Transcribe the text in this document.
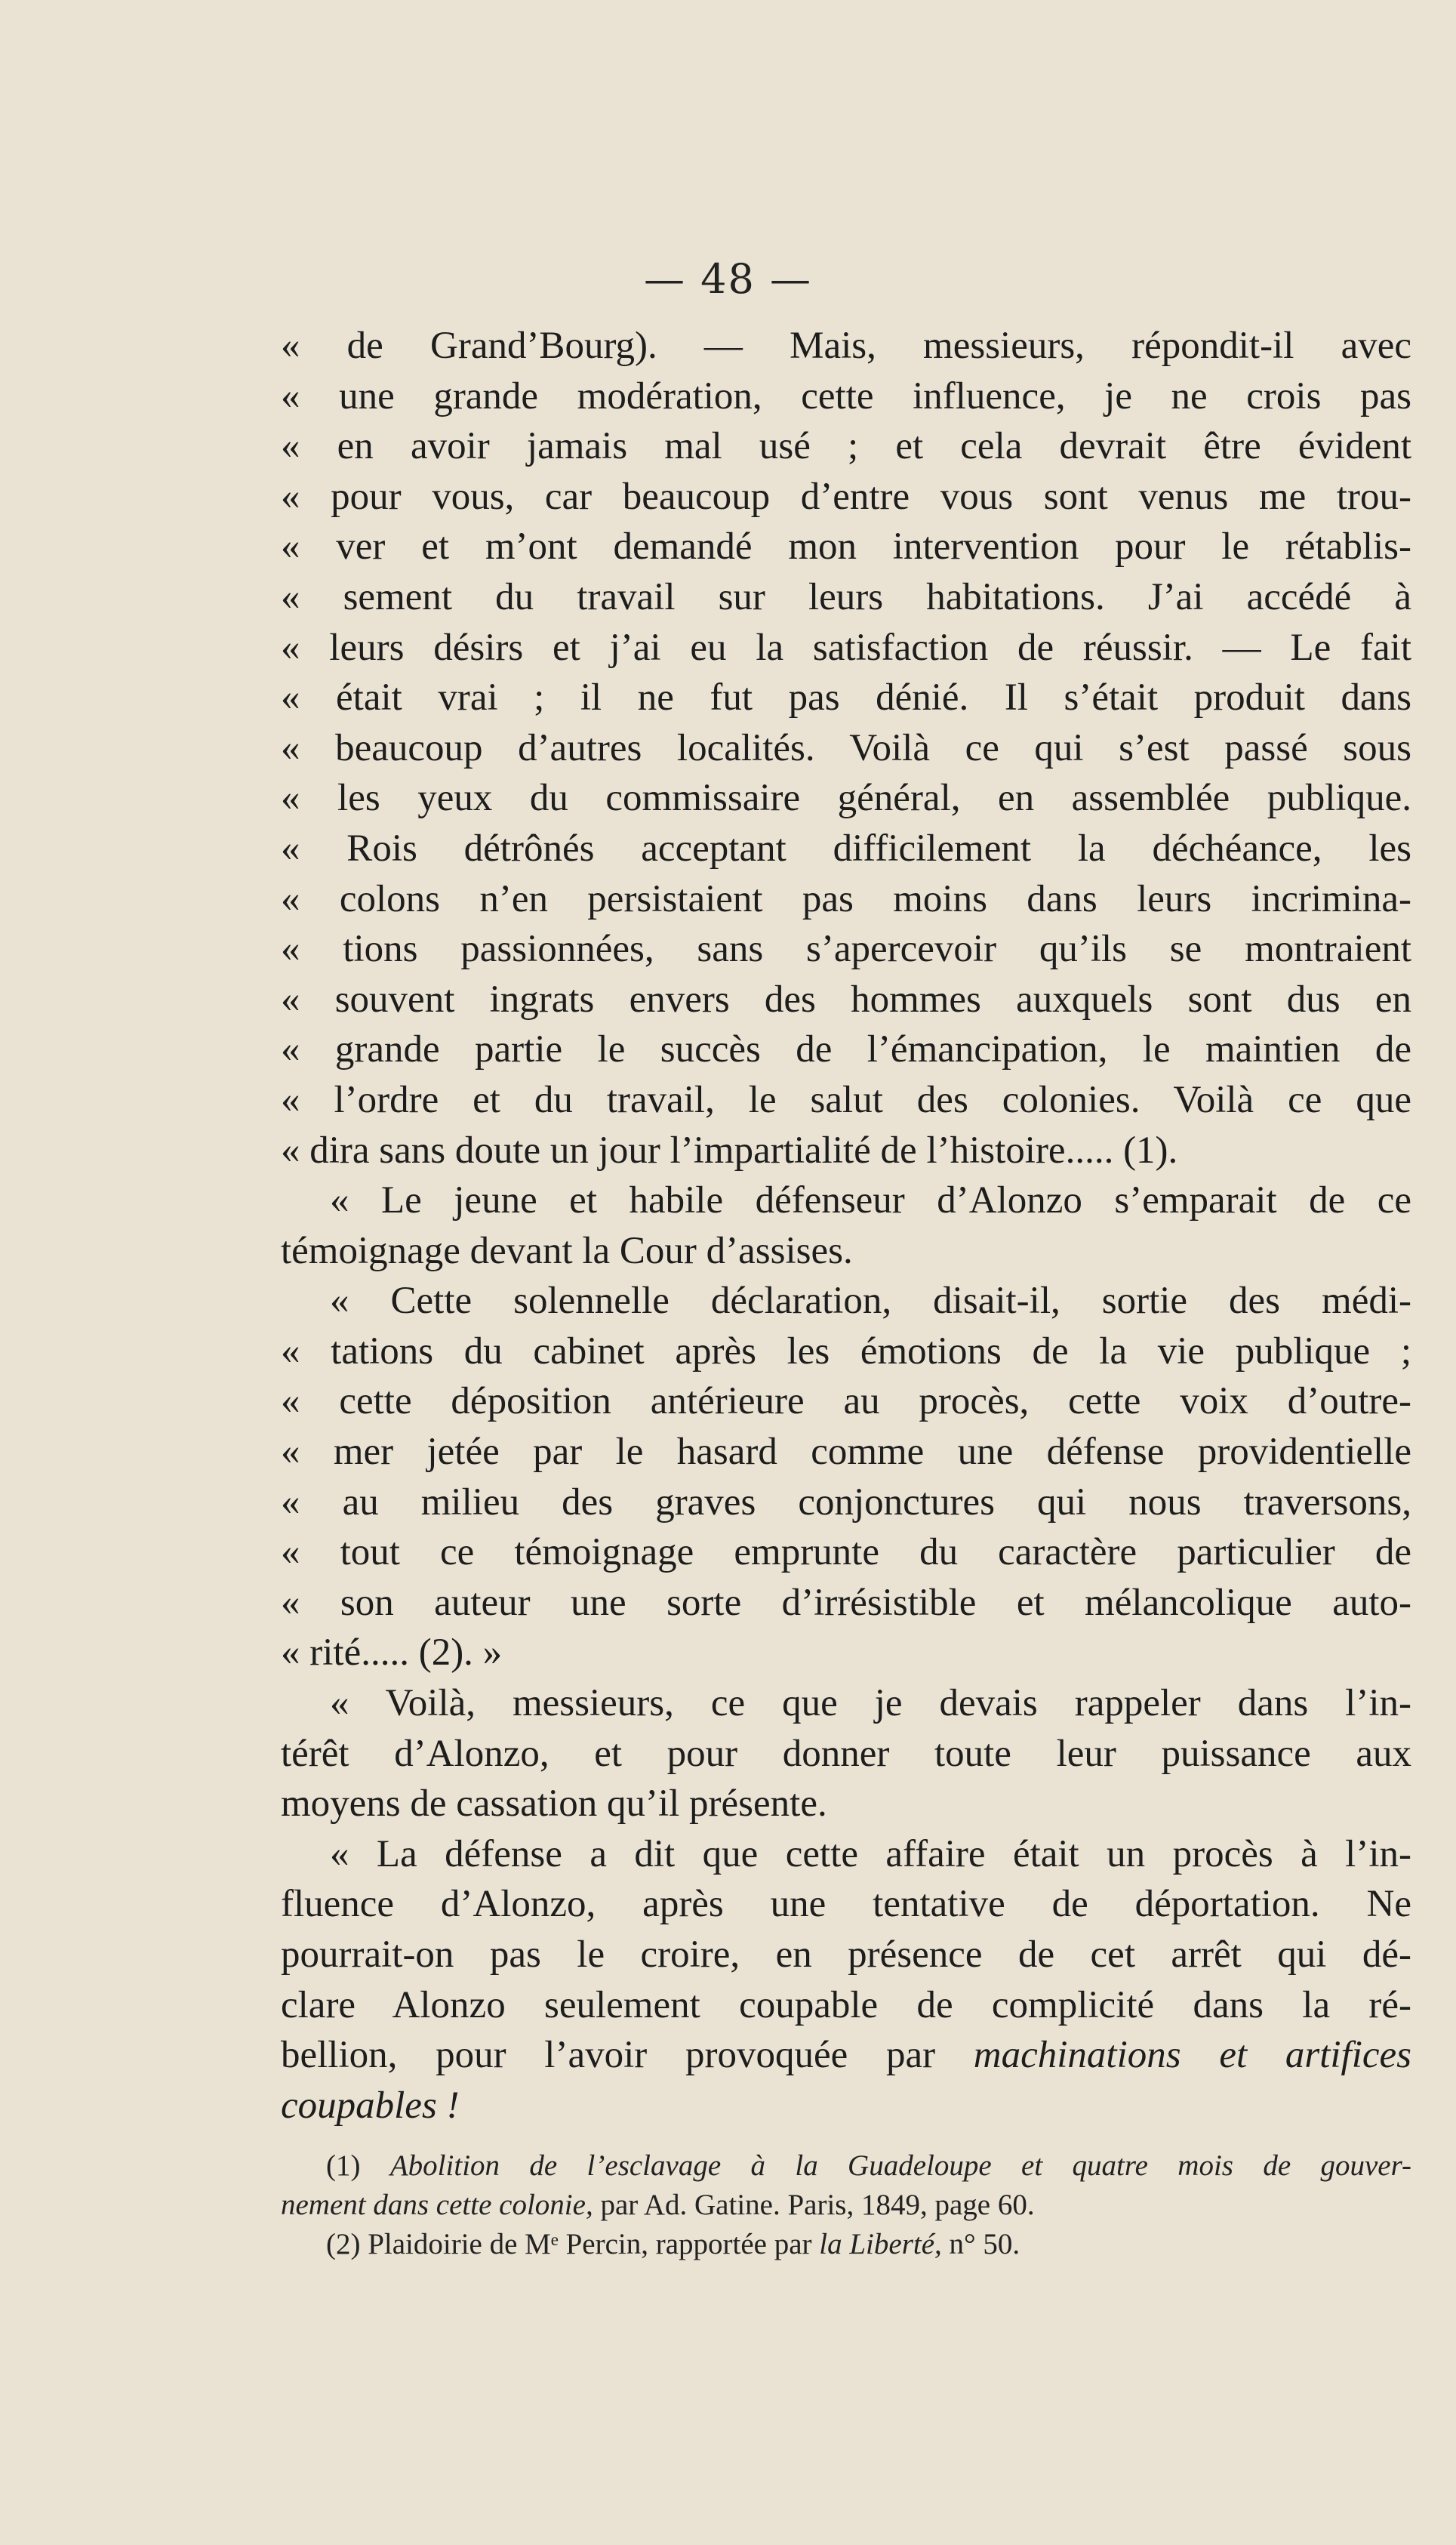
— 48 —
« de Grand’Bourg). — Mais, messieurs, répondit-il avec
« une grande modération, cette influence, je ne crois pas
« en avoir jamais mal usé ; et cela devrait être évident
« pour vous, car beaucoup d’entre vous sont venus me trou-
« ver et m’ont demandé mon intervention pour le rétablis-
« sement du travail sur leurs habitations. J’ai accédé à
« leurs désirs et j’ai eu la satisfaction de réussir. — Le fait
« était vrai ; il ne fut pas dénié. Il s’était produit dans
« beaucoup d’autres localités. Voilà ce qui s’est passé sous
« les yeux du commissaire général, en assemblée publique.
« Rois détrônés acceptant difficilement la déchéance, les
« colons n’en persistaient pas moins dans leurs incrimina-
« tions passionnées, sans s’apercevoir qu’ils se montraient
« souvent ingrats envers des hommes auxquels sont dus en
« grande partie le succès de l’émancipation, le maintien de
« l’ordre et du travail, le salut des colonies. Voilà ce que
« dira sans doute un jour l’impartialité de l’histoire..... (1).
« Le jeune et habile défenseur d’Alonzo s’emparait de ce
témoignage devant la Cour d’assises.
« Cette solennelle déclaration, disait-il, sortie des médi-
« tations du cabinet après les émotions de la vie publique ;
« cette déposition antérieure au procès, cette voix d’outre-
« mer jetée par le hasard comme une défense providentielle
« au milieu des graves conjonctures qui nous traversons,
« tout ce témoignage emprunte du caractère particulier de
« son auteur une sorte d’irrésistible et mélancolique auto-
« rité..... (2). »
« Voilà, messieurs, ce que je devais rappeler dans l’in-
térêt d’Alonzo, et pour donner toute leur puissance aux
moyens de cassation qu’il présente.
« La défense a dit que cette affaire était un procès à l’in-
fluence d’Alonzo, après une tentative de déportation. Ne
pourrait-on pas le croire, en présence de cet arrêt qui dé-
clare Alonzo seulement coupable de complicité dans la ré-
bellion, pour l’avoir provoquée par machinations et artifices
coupables !
(1) Abolition de l’esclavage à la Guadeloupe et quatre mois de gouver-
nement dans cette colonie, par Ad. Gatine. Paris, 1849, page 60.
(2) Plaidoirie de Mᵉ Percin, rapportée par la Liberté, n° 50.
